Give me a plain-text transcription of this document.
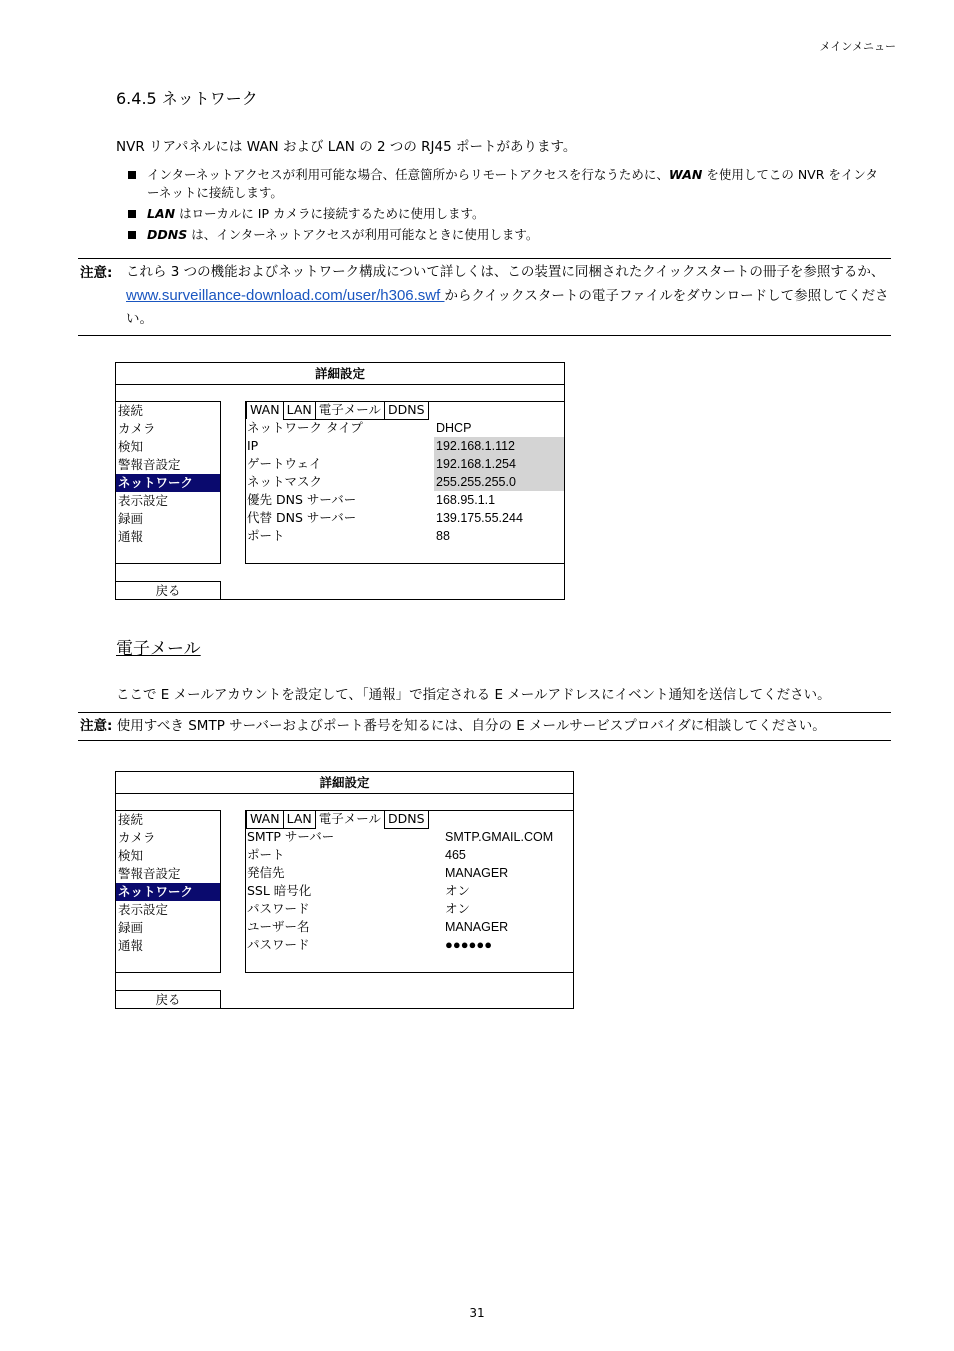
メインメニュー
6.4.5 ネットワーク
NVR リアパネルには WAN および LAN の 2 つの RJ45 ポートがあります。
インターネットアクセスが利用可能な場合、任意箇所からリモートアクセスを行なうために、WAN を使用してこの NVR をインターネットに接続します。
LAN はローカルに IP カメラに接続するために使用します。
DDNS は、インターネットアクセスが利用可能なときに使用します。
注意: これら 3 つの機能およびネットワーク構成について詳しくは、この装置に同梱されたクイックスタートの冊子を参照するか、www.surveillance-download.com/user/h306.swf からクイックスタートの電子ファイルをダウンロードして参照してください。
詳細設定
接続
カメラ
検知
警報音設定
ネットワーク
表示設定
録画
通報
WAN LAN 電子メール DDNS
ネットワーク タイプ	DHCP
IP	192.168.1.112
ゲートウェイ	192.168.1.254
ネットマスク	255.255.255.0
優先 DNS サーバー	168.95.1.1
代替 DNS サーバー	139.175.55.244
ポート	88
戻る
電子メール
ここで E メールアカウントを設定して、「通報」で指定される E メールアドレスにイベント通知を送信してください。
注意: 使用すべき SMTP サーバーおよびポート番号を知るには、自分の E メールサービスプロバイダに相談してください。
詳細設定
接続
カメラ
検知
警報音設定
ネットワーク
表示設定
録画
通報
WAN LAN 電子メール DDNS
SMTP サーバー	SMTP.GMAIL.COM
ポート	465
発信先	MANAGER
SSL 暗号化	オン
パスワード	オン
ユーザー名	MANAGER
パスワード	●●●●●●
戻る
31
